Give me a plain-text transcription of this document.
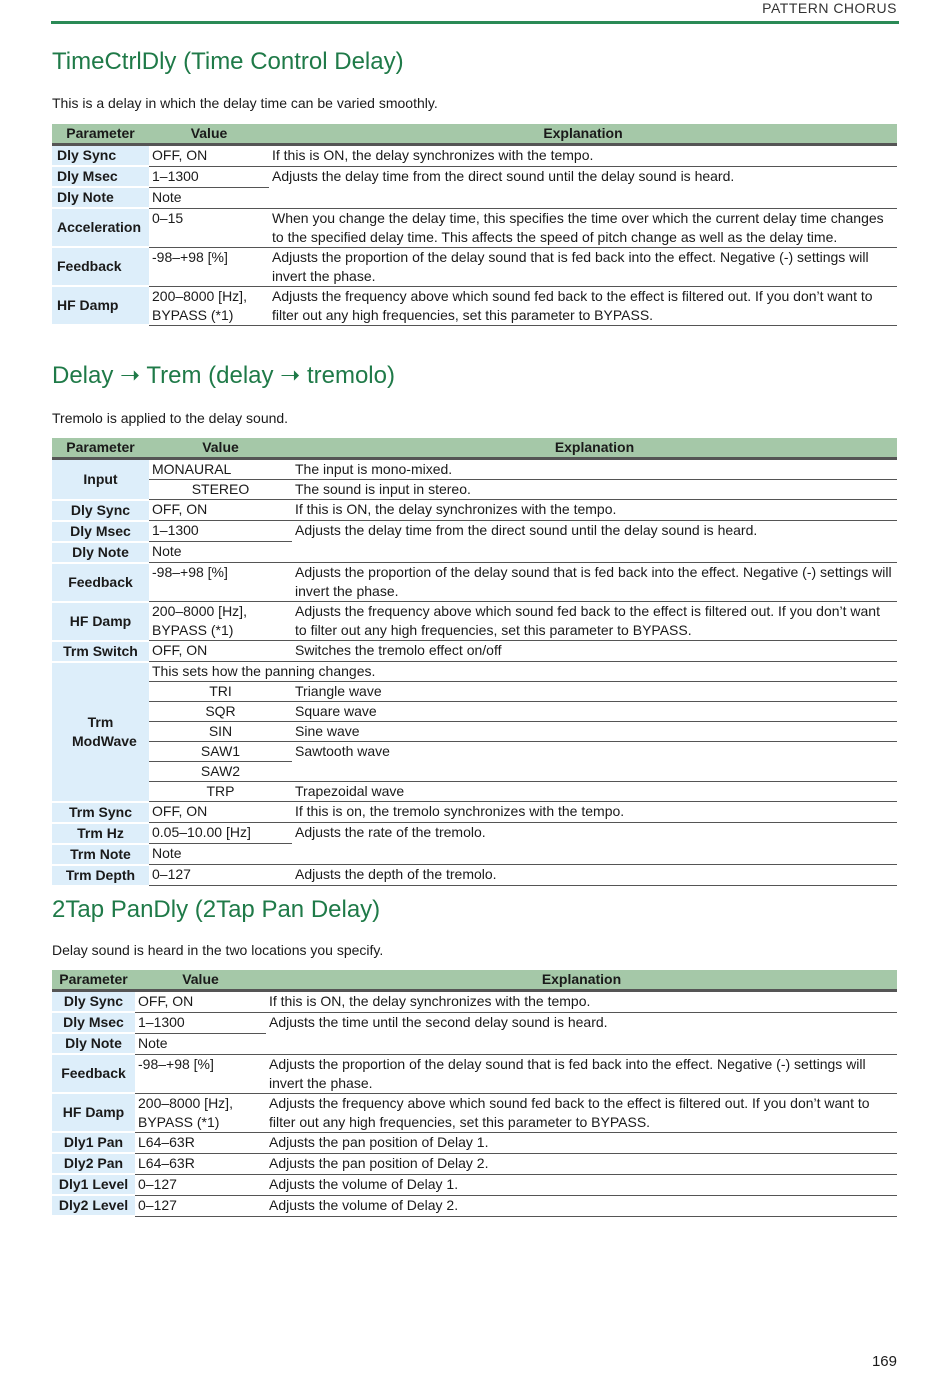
PATTERN CHORUS
TimeCtrlDly (Time Control Delay)

This is a delay in which the delay time can be varied smoothly.

Parameter	Value	Explanation
Dly Sync	OFF, ON	If this is ON, the delay synchronizes with the tempo.
Dly Msec	1–1300	Adjusts the delay time from the direct sound until the delay sound is heard.
Dly Note	Note	
Acceleration	0–15	When you change the delay time, this specifies the time over which the current delay time changes to the specified delay time. This affects the speed of pitch change as well as the delay time.
Feedback	-98–+98 [%]	Adjusts the proportion of the delay sound that is fed back into the effect. Negative (-) settings will invert the phase.
HF Damp	200–8000 [Hz], BYPASS (*1)	Adjusts the frequency above which sound fed back to the effect is filtered out. If you don’t want to filter out any high frequencies, set this parameter to BYPASS.
Delay ➝ Trem (delay ➝ tremolo)

Tremolo is applied to the delay sound.

Parameter	Value	Explanation
Input	MONAURAL	The input is mono-mixed.
	STEREO	The sound is input in stereo.
Dly Sync	OFF, ON	If this is ON, the delay synchronizes with the tempo.
Dly Msec	1–1300	Adjusts the delay time from the direct sound until the delay sound is heard.
Dly Note	Note	
Feedback	-98–+98 [%]	Adjusts the proportion of the delay sound that is fed back into the effect. Negative (-) settings will invert the phase.
HF Damp	200–8000 [Hz], BYPASS (*1)	Adjusts the frequency above which sound fed back to the effect is filtered out. If you don’t want to filter out any high frequencies, set this parameter to BYPASS.
Trm Switch	OFF, ON	Switches the tremolo effect on/off
Trm ModWave	This sets how the panning changes.	
	TRI	Triangle wave
	SQR	Square wave
	SIN	Sine wave
	SAW1	Sawtooth wave
	SAW2	
	TRP	Trapezoidal wave
Trm Sync	OFF, ON	If this is on, the tremolo synchronizes with the tempo.
Trm Hz	0.05–10.00 [Hz]	Adjusts the rate of the tremolo.
Trm Note	Note	
Trm Depth	0–127	Adjusts the depth of the tremolo.
2Tap PanDly (2Tap Pan Delay)

Delay sound is heard in the two locations you specify.

Parameter	Value	Explanation
Dly Sync	OFF, ON	If this is ON, the delay synchronizes with the tempo.
Dly Msec	1–1300	Adjusts the time until the second delay sound is heard.
Dly Note	Note	
Feedback	-98–+98 [%]	Adjusts the proportion of the delay sound that is fed back into the effect. Negative (-) settings will invert the phase.
HF Damp	200–8000 [Hz], BYPASS (*1)	Adjusts the frequency above which sound fed back to the effect is filtered out. If you don’t want to filter out any high frequencies, set this parameter to BYPASS.
Dly1 Pan	L64–63R	Adjusts the pan position of Delay 1.
Dly2 Pan	L64–63R	Adjusts the pan position of Delay 2.
Dly1 Level	0–127	Adjusts the volume of Delay 1.
Dly2 Level	0–127	Adjusts the volume of Delay 2.
169
